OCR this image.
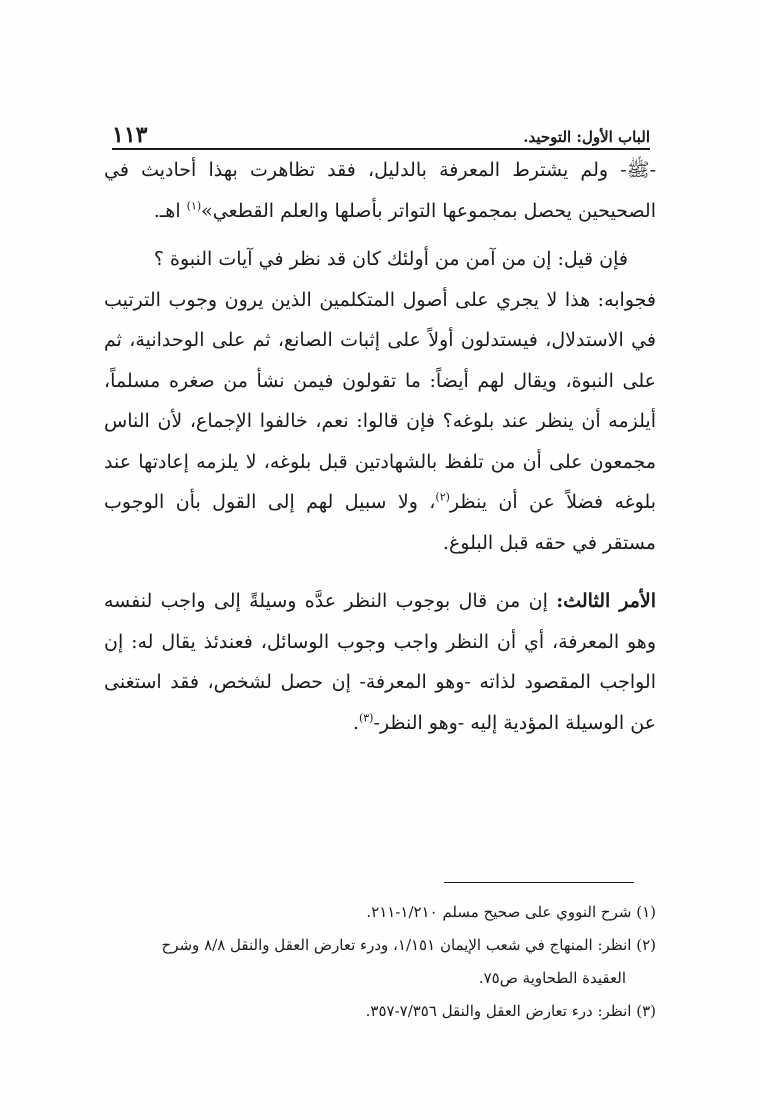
الباب الأول: التوحيد.
١١٣

-ﷺ- ولم يشترط المعرفة بالدليل، فقد تظاهرت بهذا أحاديث في الصحيحين يحصل بمجموعها التواتر بأصلها والعلم القطعي»$^{(١)}$ اهـ.

فإن قيل: إن من آمن من أولئك كان قد نظر في آيات النبوة ؟

فجوابه: هذا لا يجري على أصول المتكلمين الذين يرون وجوب الترتيب في الاستدلال، فيستدلون أولاً على إثبات الصانع، ثم على الوحدانية، ثم على النبوة، ويقال لهم أيضاً: ما تقولون فيمن نشأ من صغره مسلماً، أيلزمه أن ينظر عند بلوغه؟ فإن قالوا: نعم، خالفوا الإجماع، لأن الناس مجمعون على أن من تلفظ بالشهادتين قبل بلوغه، لا يلزمه إعادتها عند بلوغه فضلاً عن أن ينظر$^{(٢)}$، ولا سبيل لهم إلى القول بأن الوجوب مستقر في حقه قبل البلوغ.

الأمر الثالث: إن من قال بوجوب النظر عدَّه وسيلةً إلى واجب لنفسه وهو المعرفة، أي أن النظر واجب وجوب الوسائل، فعندئذ يقال له: إن الواجب المقصود لذاته -وهو المعرفة- إن حصل لشخص، فقد استغنى عن الوسيلة المؤدية إليه -وهو النظر-$^{(٣)}$.

(١) شرح النووي على صحيح مسلم ١/٢١٠-٢١١.

(٢) انظر: المنهاج في شعب الإيمان ١/١٥١، ودرء تعارض العقل والنقل ٨/٨ وشرح

العقيدة الطحاوية ص٧٥.

(٣) انظر: درء تعارض العقل والنقل ٧/٣٥٦-٣٥٧.
